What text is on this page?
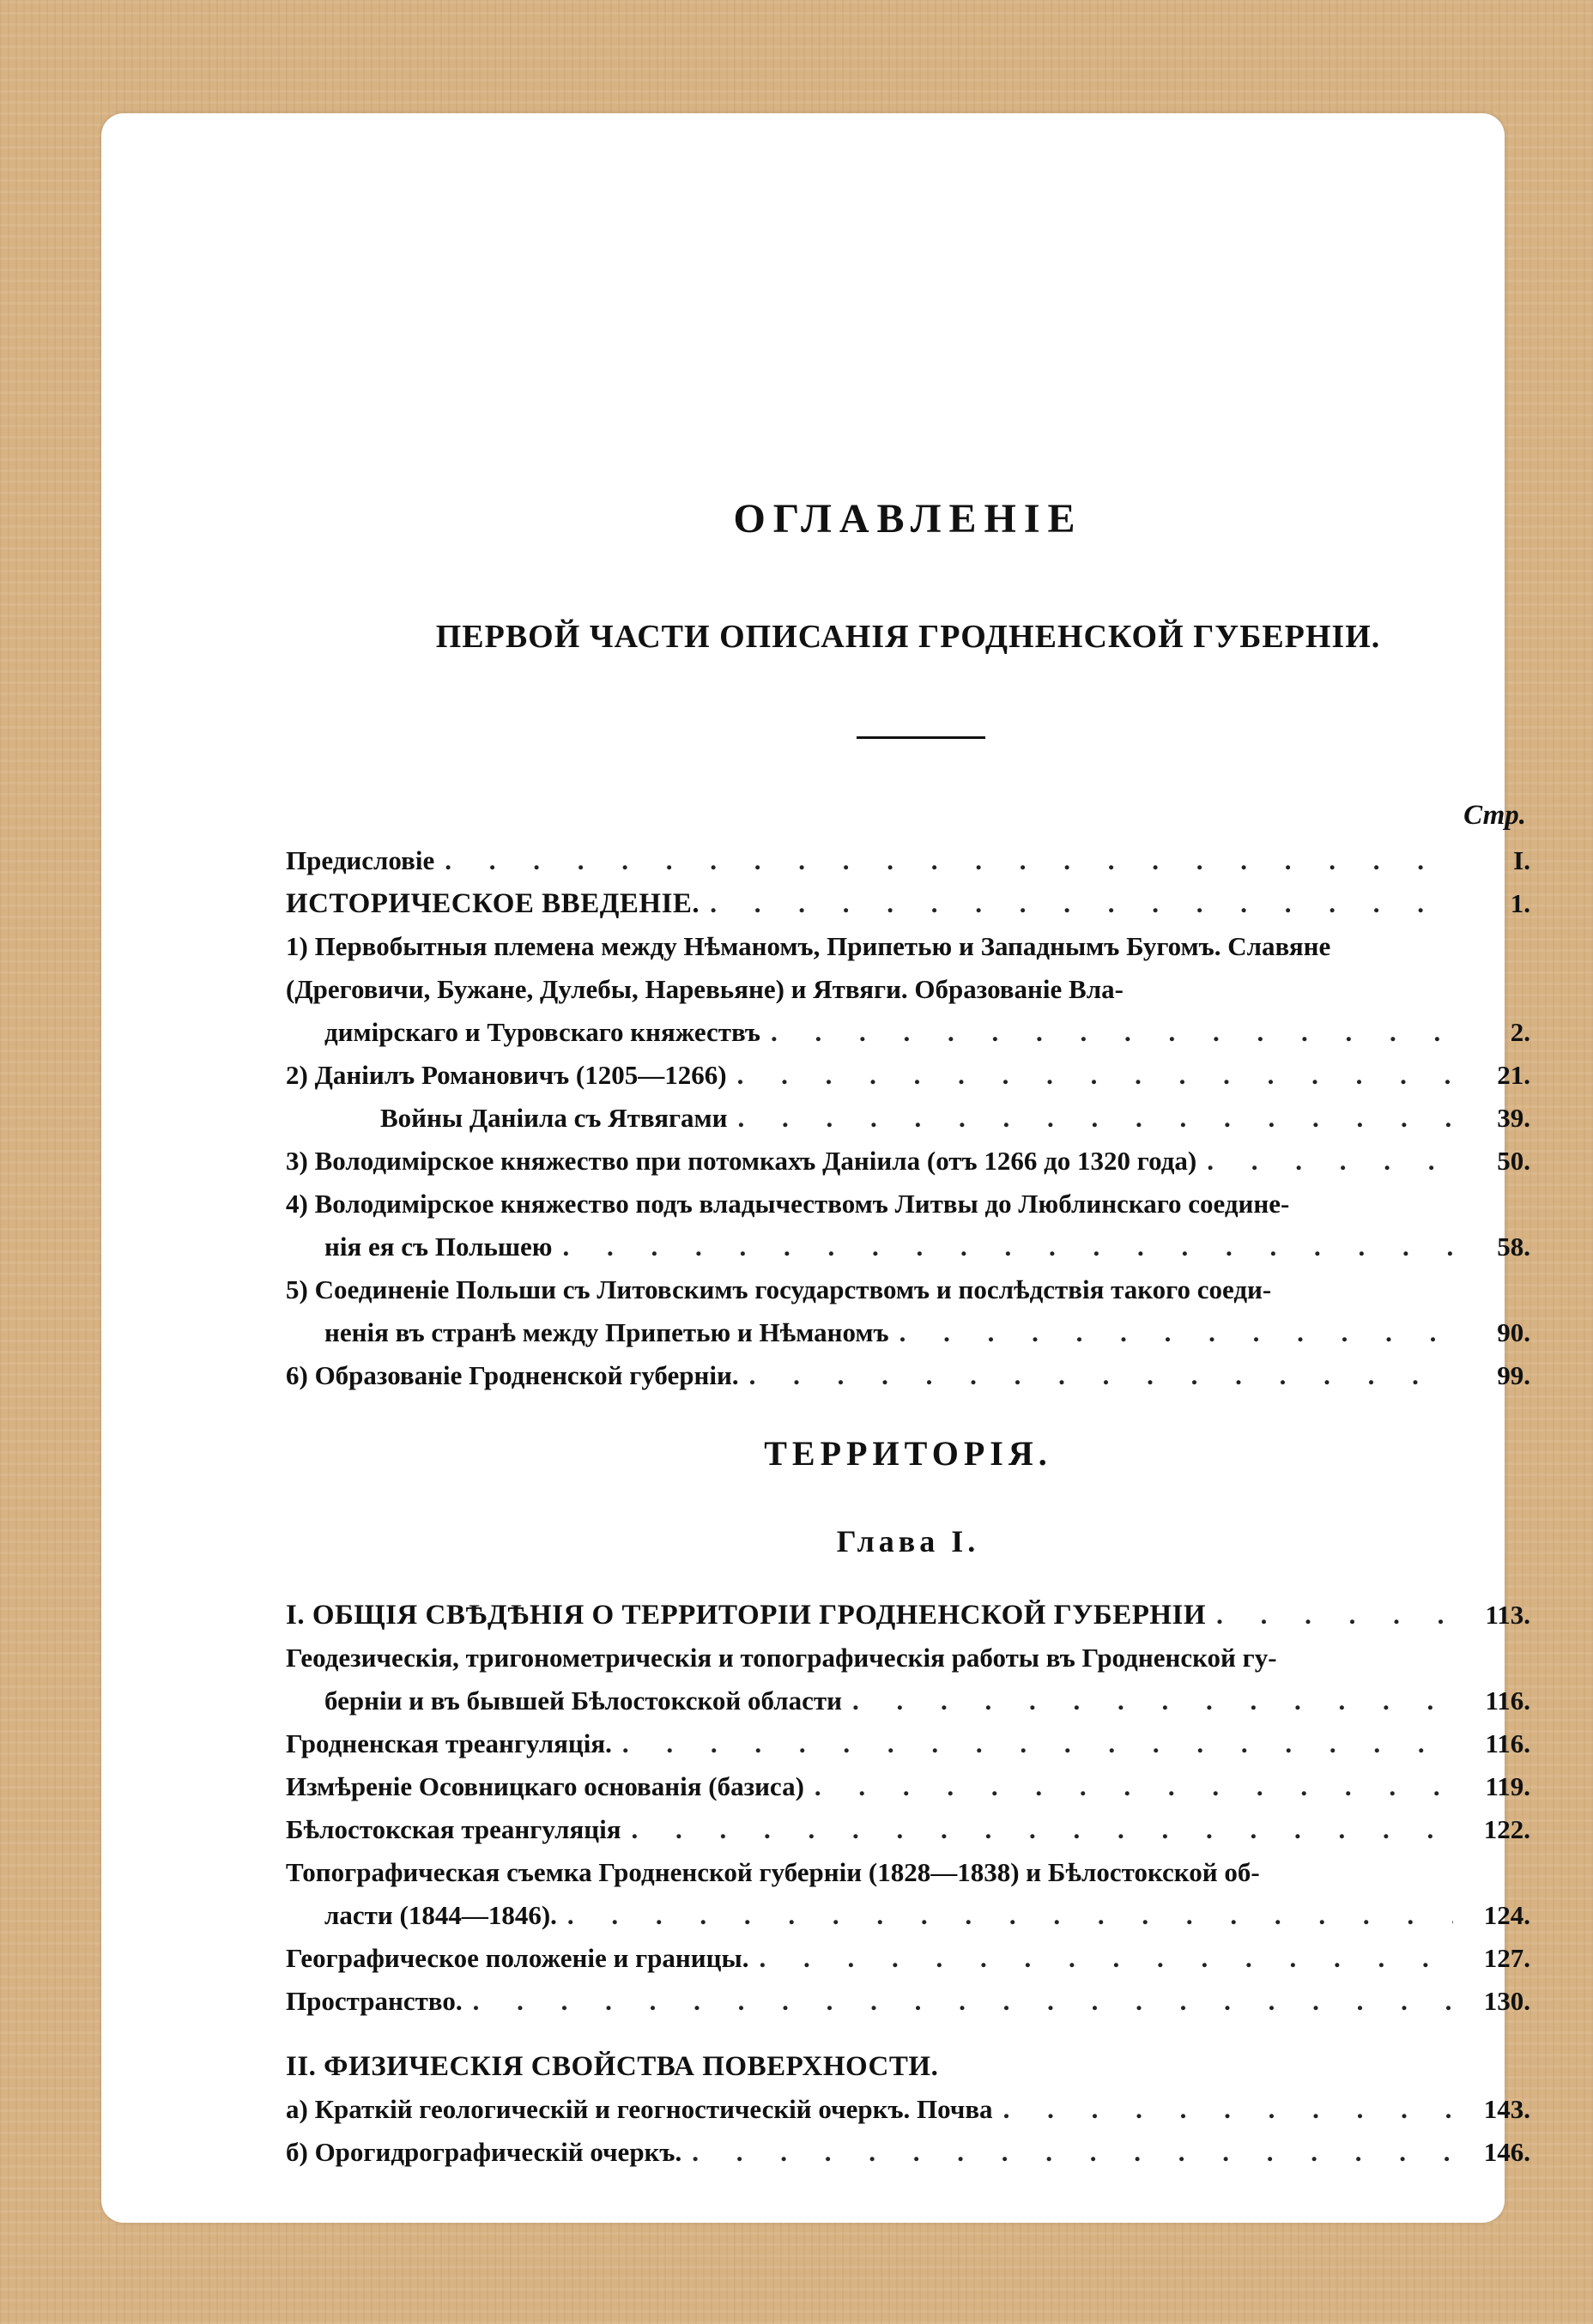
ОГЛАВЛЕНІЕ
ПЕРВОЙ ЧАСТИ ОПИСАНІЯ ГРОДНЕНСКОЙ ГУБЕРНІИ.
Стр.
Предисловіе . . .	I.
ИСТОРИЧЕСКОЕ ВВЕДЕНІЕ. . . .	1.
1) Первобытныя племена между Нѣманомъ, Припетью и Западнымъ Бугомъ. Славяне (Дреговичи, Бужане, Дулебы, Наревьяне) и Ятвяги. Образованіе Вла-
димірскаго и Туровскаго княжествъ . . .	2.
2) Даніилъ Романовичъ (1205—1266) . . .	21.
Войны Даніила съ Ятвягами . . .	39.
3) Володимірское княжество при потомкахъ Даніила (отъ 1266 до 1320 года) . . .	50.
4) Володимірское княжество подъ владычествомъ Литвы до Люблинскаго соедине-
нія ея съ Польшею . . .	58.
5) Соединеніе Польши съ Литовскимъ государствомъ и послѣдствія такого соеди-
ненія въ странѣ между Припетью и Нѣманомъ . . .	90.
6) Образованіе Гродненской губерніи. . . .	99.
ТЕРРИТОРІЯ.
Глава I.
I. ОБЩІЯ СВѢДѢНІЯ О ТЕРРИТОРІИ ГРОДНЕНСКОЙ ГУБЕРНІИ . . .	113.
Геодезическія, тригонометрическія и топографическія работы въ Гродненской гу-
берніи и въ бывшей Бѣлостокской области . . .	116.
Гродненская треангуляція. . . .	116.
Измѣреніе Осовницкаго основанія (базиса) . . .	119.
Бѣлостокская треангуляція . . .	122.
Топографическая съемка Гродненской губерніи (1828—1838) и Бѣлостокской об-
ласти (1844—1846). . . .	124.
Географическое положеніе и границы. . . .	127.
Пространство. . . .	130.
II. ФИЗИЧЕСКІЯ СВОЙСТВА ПОВЕРХНОСТИ.
а) Краткій геологическій и геогностическій очеркъ. Почва . . .	143.
б) Орогидрографическій очеркъ. . . .	146.
